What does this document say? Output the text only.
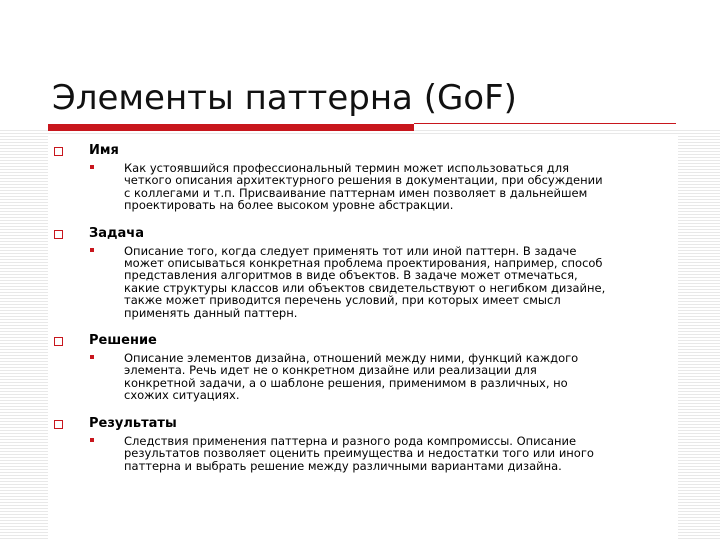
Элементы паттерна (GoF)
Имя
Как устоявшийся профессиональный термин может использоваться для
четкого описания архитектурного решения в документации, при обсуждении
с коллегами и т.п. Присваивание паттернам имен позволяет в дальнейшем
проектировать на более высоком уровне абстракции.
Задача
Описание того, когда следует применять тот или иной паттерн. В задаче
может описываться конкретная проблема проектирования, например, способ
представления алгоритмов в виде объектов. В задаче может отмечаться,
какие структуры классов или объектов свидетельствуют о негибком дизайне,
также может приводится перечень условий, при которых имеет смысл
применять данный паттерн.
Решение
Описание элементов дизайна, отношений между ними, функций каждого
элемента. Речь идет не о конкретном дизайне или реализации для
конкретной задачи, а о шаблоне решения, применимом в различных, но
схожих ситуациях.
Результаты
Следствия применения паттерна и разного рода компромиссы. Описание
результатов позволяет оценить преимущества и недостатки того или иного
паттерна и выбрать решение между различными вариантами дизайна.
